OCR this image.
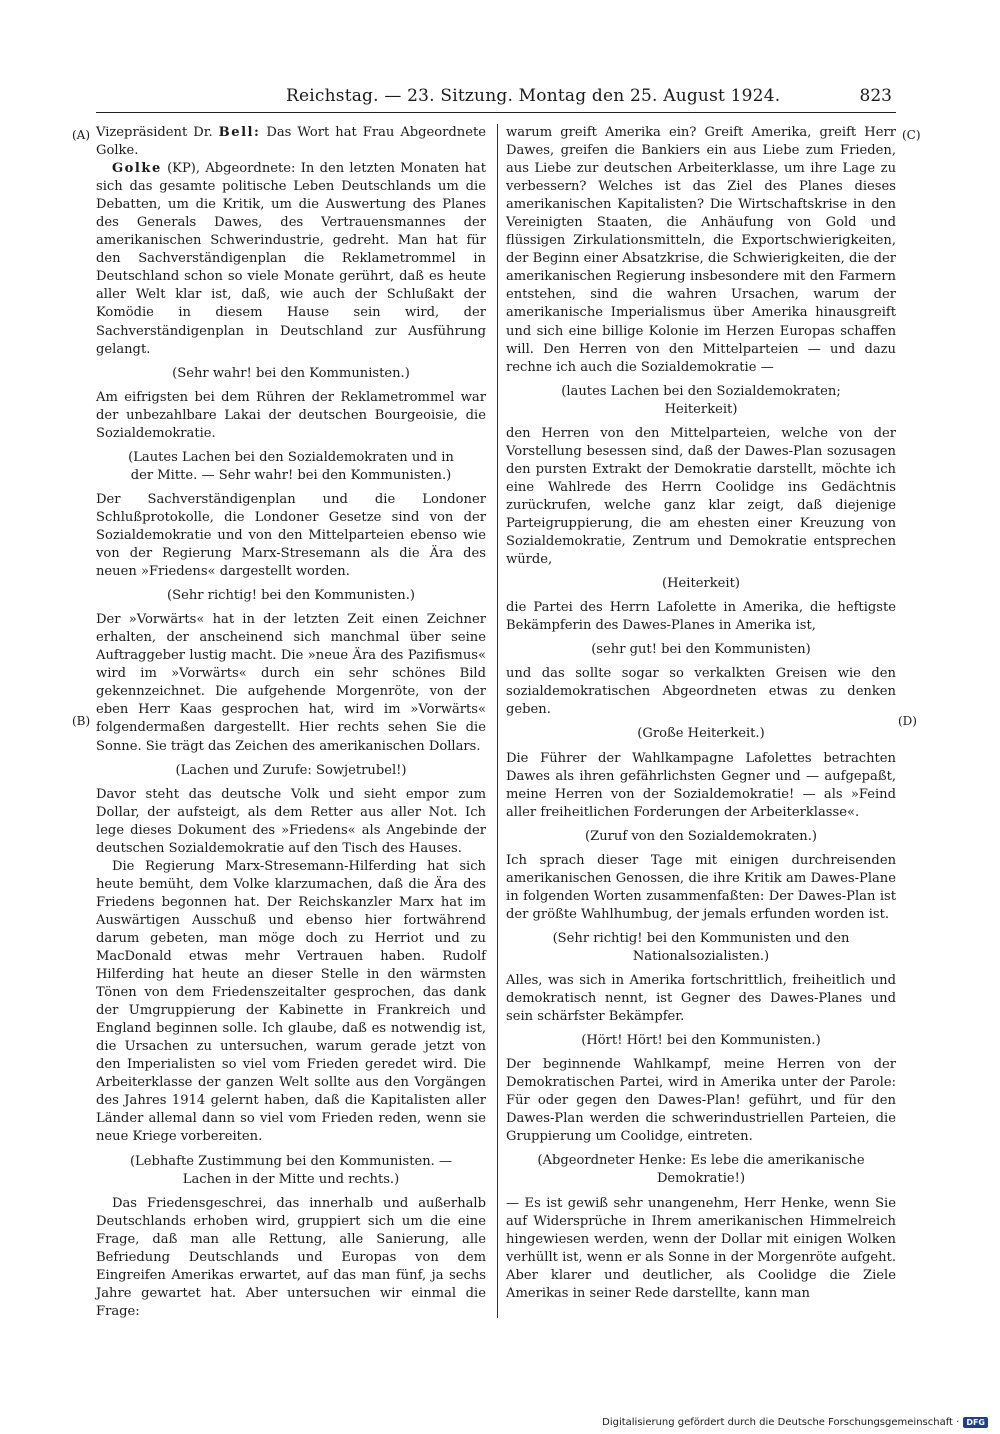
Reichstag. — 23. Sitzung. Montag den 25. August 1924.	823
(A)
(B)
(C)
(D)

Vizepräsident Dr. Bell: Das Wort hat Frau Abgeordnete Golke.

Golke (KP), Abgeordnete: In den letzten Monaten hat sich das gesamte politische Leben Deutschlands um die Debatten, um die Kritik, um die Auswertung des Planes des Generals Dawes, des Vertrauensmannes der amerikanischen Schwerindustrie, gedreht. Man hat für den Sachverständigenplan die Reklametrommel in Deutschland schon so viele Monate gerührt, daß es heute aller Welt klar ist, daß, wie auch der Schlußakt der Komödie in diesem Hause sein wird, der Sachverständigenplan in Deutschland zur Ausführung gelangt.

(Sehr wahr! bei den Kommunisten.)

Am eifrigsten bei dem Rühren der Reklametrommel war der unbezahlbare Lakai der deutschen Bourgeoisie, die Sozialdemokratie.

(Lautes Lachen bei den Sozialdemokraten und in der Mitte. — Sehr wahr! bei den Kommunisten.)

Der Sachverständigenplan und die Londoner Schlußprotokolle, die Londoner Gesetze sind von der Sozialdemokratie und von den Mittelparteien ebenso wie von der Regierung Marx-Stresemann als die Ära des neuen »Friedens« dargestellt worden.

(Sehr richtig! bei den Kommunisten.)

Der »Vorwärts« hat in der letzten Zeit einen Zeichner erhalten, der anscheinend sich manchmal über seine Auftraggeber lustig macht. Die »neue Ära des Pazifismus« wird im »Vorwärts« durch ein sehr schönes Bild gekennzeichnet. Die aufgehende Morgenröte, von der eben Herr Kaas gesprochen hat, wird im »Vorwärts« folgendermaßen dargestellt. Hier rechts sehen Sie die Sonne. Sie trägt das Zeichen des amerikanischen Dollars.

(Lachen und Zurufe: Sowjetrubel!)

Davor steht das deutsche Volk und sieht empor zum Dollar, der aufsteigt, als dem Retter aus aller Not. Ich lege dieses Dokument des »Friedens« als Angebinde der deutschen Sozialdemokratie auf den Tisch des Hauses.

Die Regierung Marx-Stresemann-Hilferding hat sich heute bemüht, dem Volke klarzumachen, daß die Ära des Friedens begonnen hat. Der Reichskanzler Marx hat im Auswärtigen Ausschuß und ebenso hier fortwährend darum gebeten, man möge doch zu Herriot und zu MacDonald etwas mehr Vertrauen haben. Rudolf Hilferding hat heute an dieser Stelle in den wärmsten Tönen von dem Friedenszeitalter gesprochen, das dank der Umgruppierung der Kabinette in Frankreich und England beginnen solle. Ich glaube, daß es notwendig ist, die Ursachen zu untersuchen, warum gerade jetzt von den Imperialisten so viel vom Frieden geredet wird. Die Arbeiterklasse der ganzen Welt sollte aus den Vorgängen des Jahres 1914 gelernt haben, daß die Kapitalisten aller Länder allemal dann so viel vom Frieden reden, wenn sie neue Kriege vorbereiten.

(Lebhafte Zustimmung bei den Kommunisten. — Lachen in der Mitte und rechts.)

Das Friedensgeschrei, das innerhalb und außerhalb Deutschlands erhoben wird, gruppiert sich um die eine Frage, daß man alle Rettung, alle Sanierung, alle Befriedung Deutschlands und Europas von dem Eingreifen Amerikas erwartet, auf das man fünf, ja sechs Jahre gewartet hat. Aber untersuchen wir einmal die Frage:

warum greift Amerika ein? Greift Amerika, greift Herr Dawes, greifen die Bankiers ein aus Liebe zum Frieden, aus Liebe zur deutschen Arbeiterklasse, um ihre Lage zu verbessern? Welches ist das Ziel des Planes dieses amerikanischen Kapitalisten? Die Wirtschaftskrise in den Vereinigten Staaten, die Anhäufung von Gold und flüssigen Zirkulationsmitteln, die Exportschwierigkeiten, der Beginn einer Absatzkrise, die Schwierigkeiten, die der amerikanischen Regierung insbesondere mit den Farmern entstehen, sind die wahren Ursachen, warum der amerikanische Imperialismus über Amerika hinausgreift und sich eine billige Kolonie im Herzen Europas schaffen will. Den Herren von den Mittelparteien — und dazu rechne ich auch die Sozialdemokratie —

(lautes Lachen bei den Sozialdemokraten; Heiterkeit)

den Herren von den Mittelparteien, welche von der Vorstellung besessen sind, daß der Dawes-Plan sozusagen den pursten Extrakt der Demokratie darstellt, möchte ich eine Wahlrede des Herrn Coolidge ins Gedächtnis zurückrufen, welche ganz klar zeigt, daß diejenige Parteigruppierung, die am ehesten einer Kreuzung von Sozialdemokratie, Zentrum und Demokratie entsprechen würde,

(Heiterkeit)

die Partei des Herrn Lafolette in Amerika, die heftigste Bekämpferin des Dawes-Planes in Amerika ist,

(sehr gut! bei den Kommunisten)

und das sollte sogar so verkalkten Greisen wie den sozialdemokratischen Abgeordneten etwas zu denken geben.

(Große Heiterkeit.)

Die Führer der Wahlkampagne Lafolettes betrachten Dawes als ihren gefährlichsten Gegner und — aufgepaßt, meine Herren von der Sozialdemokratie! — als »Feind aller freiheitlichen Forderungen der Arbeiterklasse«.

(Zuruf von den Sozialdemokraten.)

Ich sprach dieser Tage mit einigen durchreisenden amerikanischen Genossen, die ihre Kritik am Dawes-Plane in folgenden Worten zusammenfaßten: Der Dawes-Plan ist der größte Wahlhumbug, der jemals erfunden worden ist.

(Sehr richtig! bei den Kommunisten und den Nationalsozialisten.)

Alles, was sich in Amerika fortschrittlich, freiheitlich und demokratisch nennt, ist Gegner des Dawes-Planes und sein schärfster Bekämpfer.

(Hört! Hört! bei den Kommunisten.)

Der beginnende Wahlkampf, meine Herren von der Demokratischen Partei, wird in Amerika unter der Parole: Für oder gegen den Dawes-Plan! geführt, und für den Dawes-Plan werden die schwerindustriellen Parteien, die Gruppierung um Coolidge, eintreten.

(Abgeordneter Henke: Es lebe die amerikanische Demokratie!)

— Es ist gewiß sehr unangenehm, Herr Henke, wenn Sie auf Widersprüche in Ihrem amerikanischen Himmelreich hingewiesen werden, wenn der Dollar mit einigen Wolken verhüllt ist, wenn er als Sonne in der Morgenröte aufgeht. Aber klarer und deutlicher, als Coolidge die Ziele Amerikas in seiner Rede darstellte, kann man

Digitalisierung gefördert durch die Deutsche Forschungsgemeinschaft · DFG
